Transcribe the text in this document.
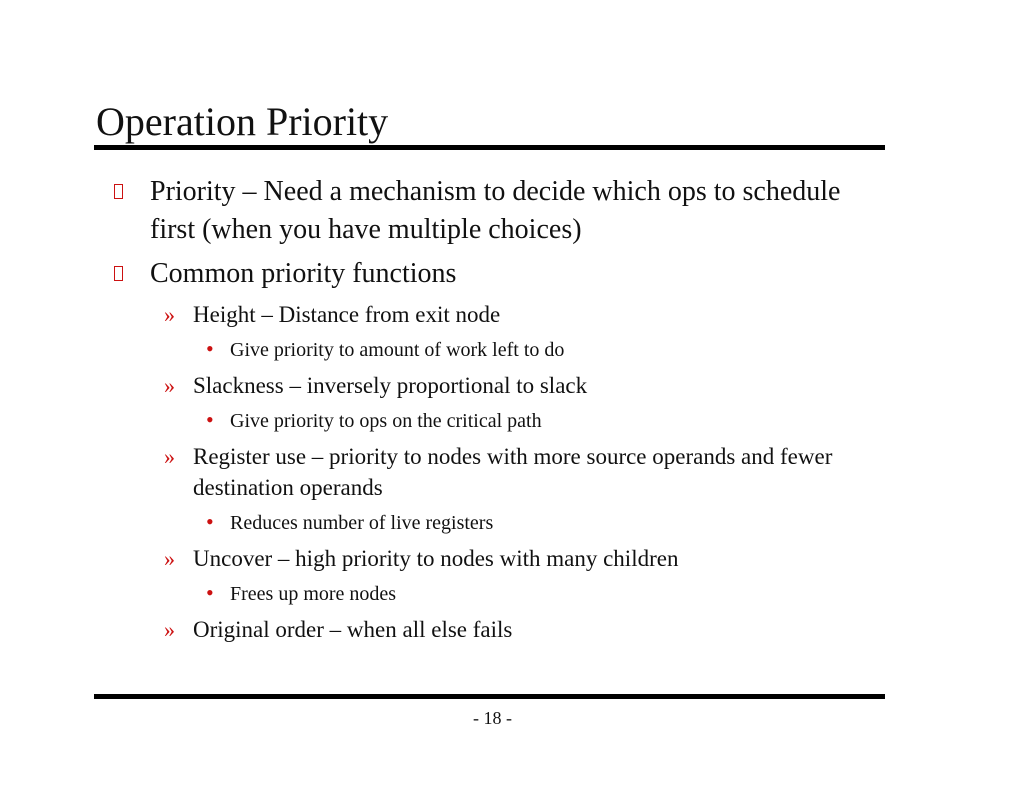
Operation Priority
Priority – Need a mechanism to decide which ops to schedule first (when you have multiple choices)
Common priority functions
» Height – Distance from exit node
• Give priority to amount of work left to do
» Slackness – inversely proportional to slack
• Give priority to ops on the critical path
» Register use – priority to nodes with more source operands and fewer destination operands
• Reduces number of live registers
» Uncover – high priority to nodes with many children
• Frees up more nodes
» Original order – when all else fails
- 18 -
